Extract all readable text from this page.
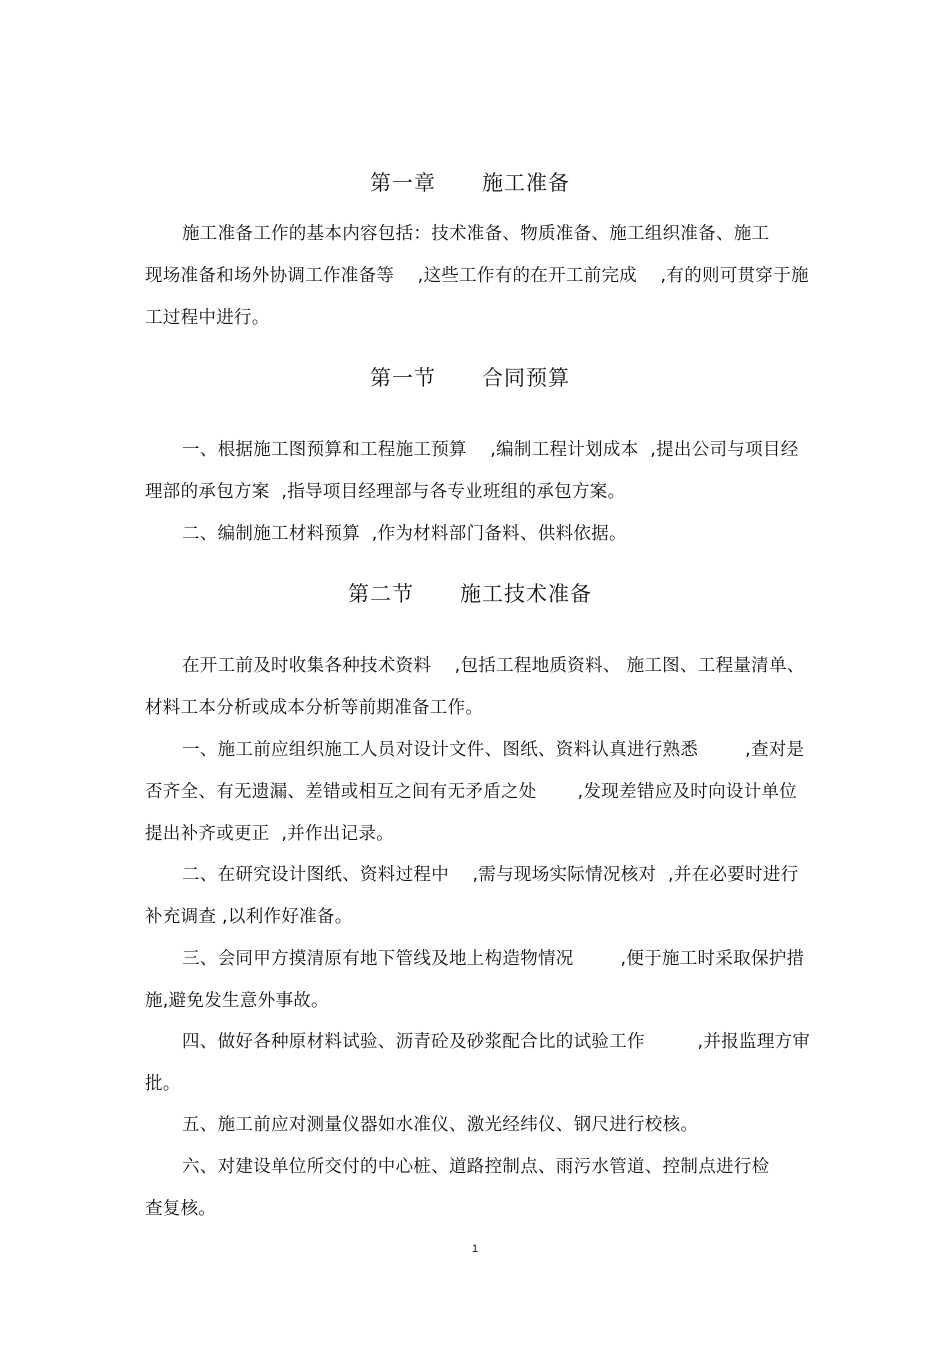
第一章      施工准备
施工准备工作的基本内容包括：技术准备、物质准备、施工组织准备、施工
现场准备和场外协调工作准备等    ,这些工作有的在开工前完成    ,有的则可贯穿于施
工过程中进行。
第一节      合同预算
一、根据施工图预算和工程施工预算    ,编制工程计划成本  ,提出公司与项目经
理部的承包方案  ,指导项目经理部与各专业班组的承包方案。
二、编制施工材料预算  ,作为材料部门备料、供料依据。
第二节      施工技术准备
在开工前及时收集各种技术资料    ,包括工程地质资料、 施工图、工程量清单、
材料工本分析或成本分析等前期准备工作。
一、施工前应组织施工人员对设计文件、图纸、资料认真进行熟悉        ,查对是
否齐全、有无遗漏、差错或相互之间有无矛盾之处       ,发现差错应及时向设计单位
提出补齐或更正  ,并作出记录。
二、在研究设计图纸、资料过程中    ,需与现场实际情况核对  ,并在必要时进行
补充调查 ,以利作好准备。
三、会同甲方摸清原有地下管线及地上构造物情况        ,便于施工时采取保护措
施,避免发生意外事故。
四、做好各种原材料试验、沥青砼及砂浆配合比的试验工作         ,并报监理方审
批。
五、施工前应对测量仪器如水准仪、激光经纬仪、钢尺进行校核。
六、对建设单位所交付的中心桩、道路控制点、雨污水管道、控制点进行检
查复核。
1
